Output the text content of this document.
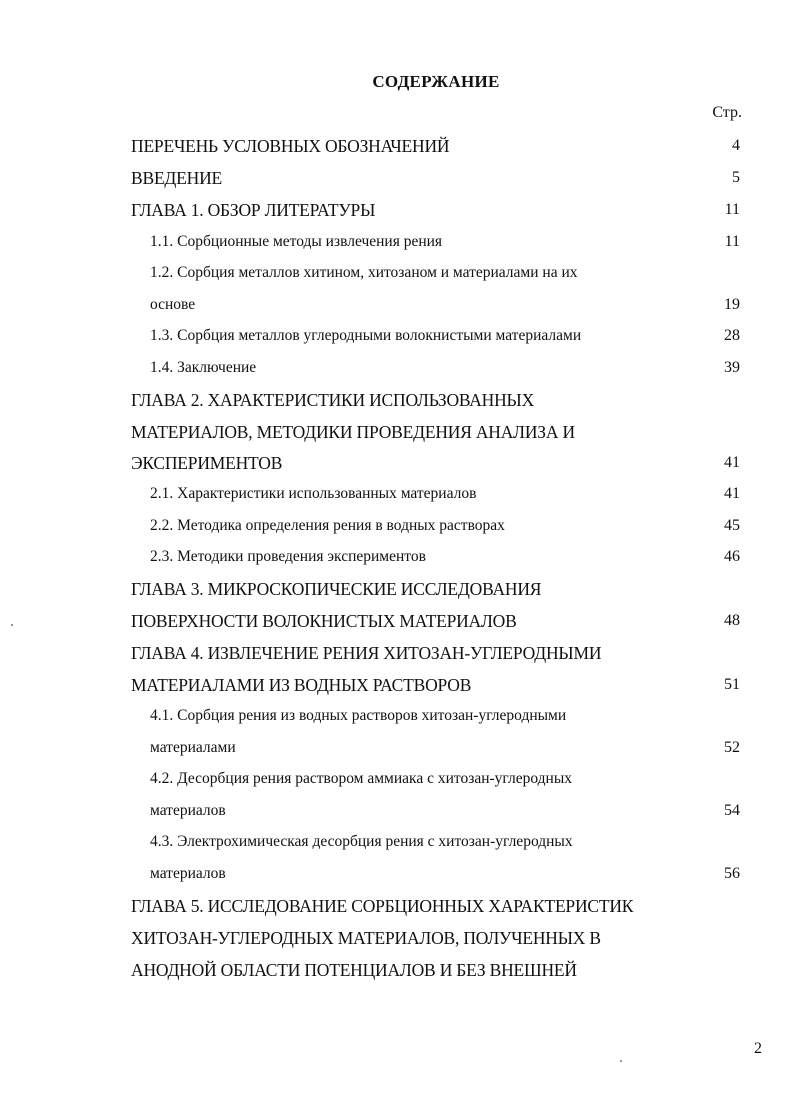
СОДЕРЖАНИЕ
Стр.
ПЕРЕЧЕНЬ УСЛОВНЫХ ОБОЗНАЧЕНИЙ	4
ВВЕДЕНИЕ	5
ГЛАВА 1. ОБЗОР ЛИТЕРАТУРЫ	11
1.1. Сорбционные методы извлечения рения	11
1.2. Сорбция металлов хитином, хитозаном и материалами на их
основе	19
1.3. Сорбция металлов углеродными волокнистыми материалами	28
1.4. Заключение	39
ГЛАВА 2. ХАРАКТЕРИСТИКИ ИСПОЛЬЗОВАННЫХ
МАТЕРИАЛОВ, МЕТОДИКИ ПРОВЕДЕНИЯ АНАЛИЗА И
ЭКСПЕРИМЕНТОВ	41
2.1. Характеристики использованных материалов	41
2.2. Методика определения рения в водных растворах	45
2.3. Методики проведения экспериментов	46
ГЛАВА 3. МИКРОСКОПИЧЕСКИЕ ИССЛЕДОВАНИЯ
ПОВЕРХНОСТИ ВОЛОКНИСТЫХ МАТЕРИАЛОВ	48
ГЛАВА 4. ИЗВЛЕЧЕНИЕ РЕНИЯ ХИТОЗАН-УГЛЕРОДНЫМИ
МАТЕРИАЛАМИ ИЗ ВОДНЫХ РАСТВОРОВ	51
4.1. Сорбция рения из водных растворов хитозан-углеродными
материалами	52
4.2. Десорбция рения раствором аммиака с хитозан-углеродных
материалов	54
4.3. Электрохимическая десорбция рения с хитозан-углеродных
материалов	56
ГЛАВА 5. ИССЛЕДОВАНИЕ СОРБЦИОННЫХ ХАРАКТЕРИСТИК
ХИТОЗАН-УГЛЕРОДНЫХ МАТЕРИАЛОВ, ПОЛУЧЕННЫХ В
АНОДНОЙ ОБЛАСТИ ПОТЕНЦИАЛОВ И БЕЗ ВНЕШНЕЙ
2
